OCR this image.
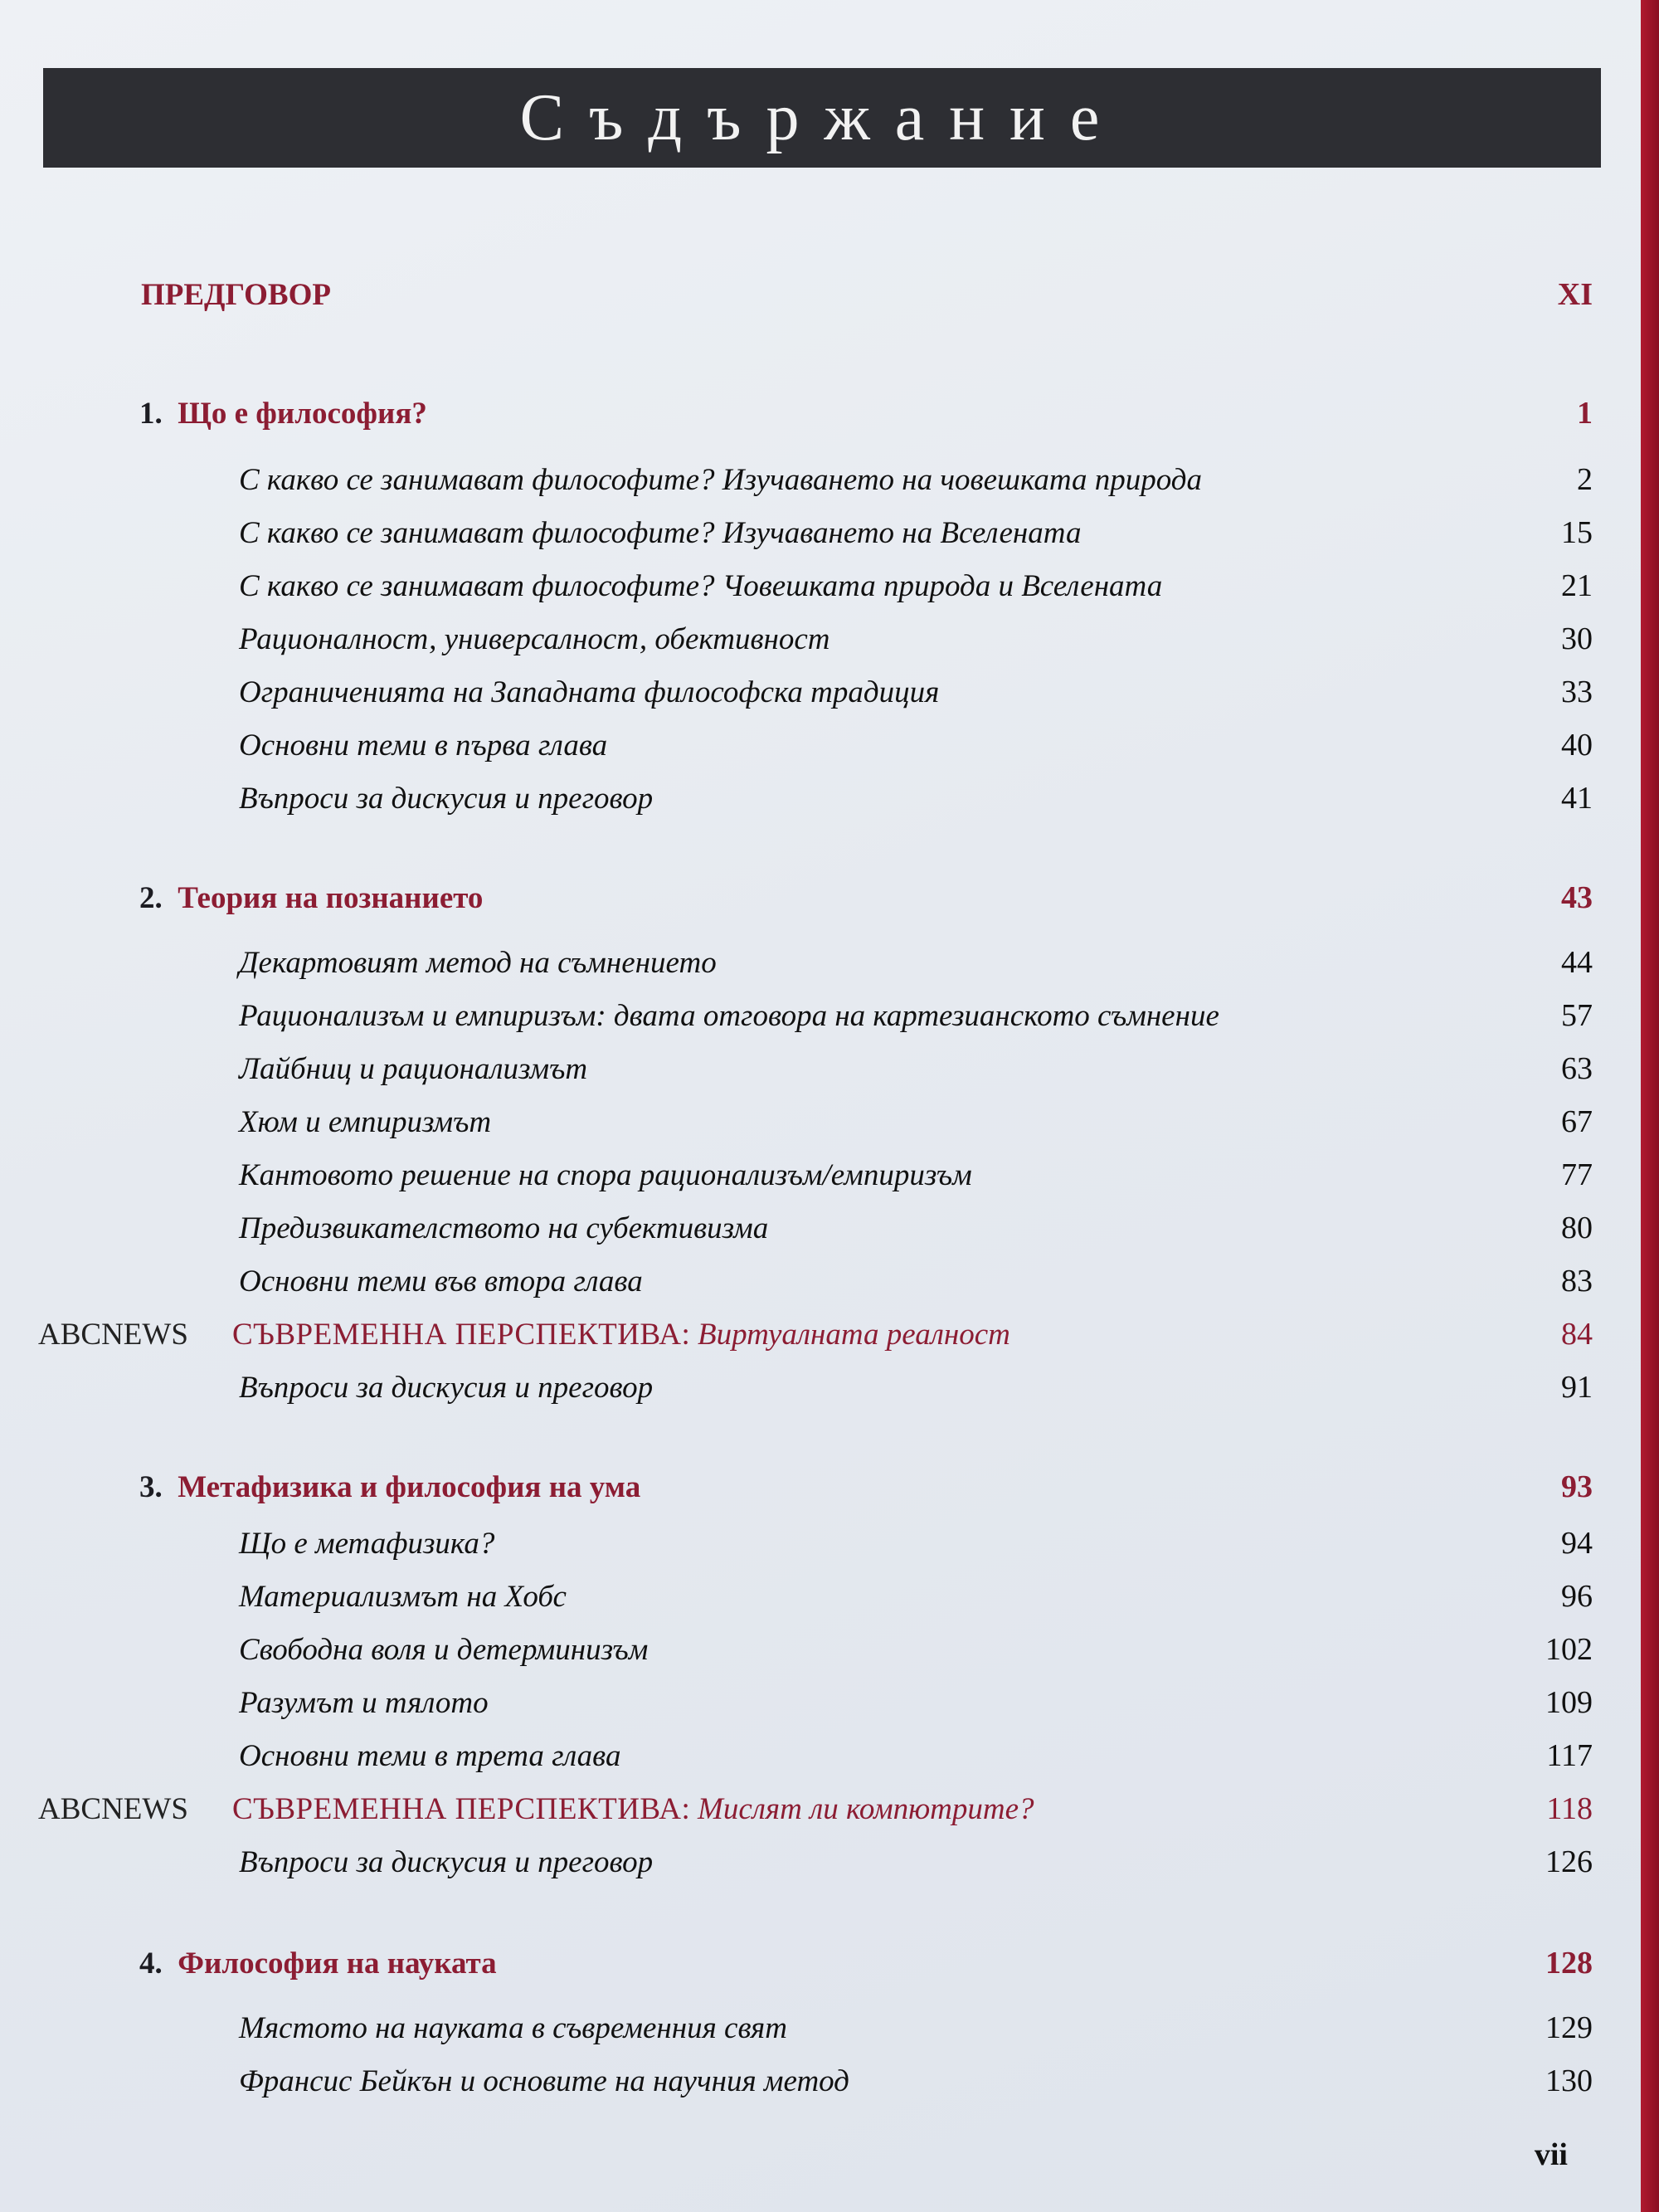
Съдържание
ПРЕДГОВОР	XI
1. Що е философия?	1
С какво се занимават философите? Изучаването на човешката природа	2
С какво се занимават философите? Изучаването на Вселената	15
С какво се занимават философите? Човешката природа и Вселената	21
Рационалност, универсалност, обективност	30
Ограниченията на Западната философска традиция	33
Основни теми в първа глава	40
Въпроси за дискусия и преговор	41
2. Теория на познанието	43
Декартовият метод на съмнението	44
Рационализъм и емпиризъм: двата отговора на картезианското съмнение	57
Лайбниц и рационализмът	63
Хюм и емпиризмът	67
Кантовото решение на спора рационализъм/емпиризъм	77
Предизвикателството на субективизма	80
Основни теми във втора глава	83
ABCNEWS СЪВРЕМЕННА ПЕРСПЕКТИВА: Виртуалната реалност	84
Въпроси за дискусия и преговор	91
3. Метафизика и философия на ума	93
Що е метафизика?	94
Материализмът на Хобс	96
Свободна воля и детерминизъм	102
Разумът и тялото	109
Основни теми в трета глава	117
ABCNEWS СЪВРЕМЕННА ПЕРСПЕКТИВА: Мислят ли компютрите?	118
Въпроси за дискусия и преговор	126
4. Философия на науката	128
Мястото на науката в съвременния свят	129
Франсис Бейкън и основите на научния метод	130
vii
